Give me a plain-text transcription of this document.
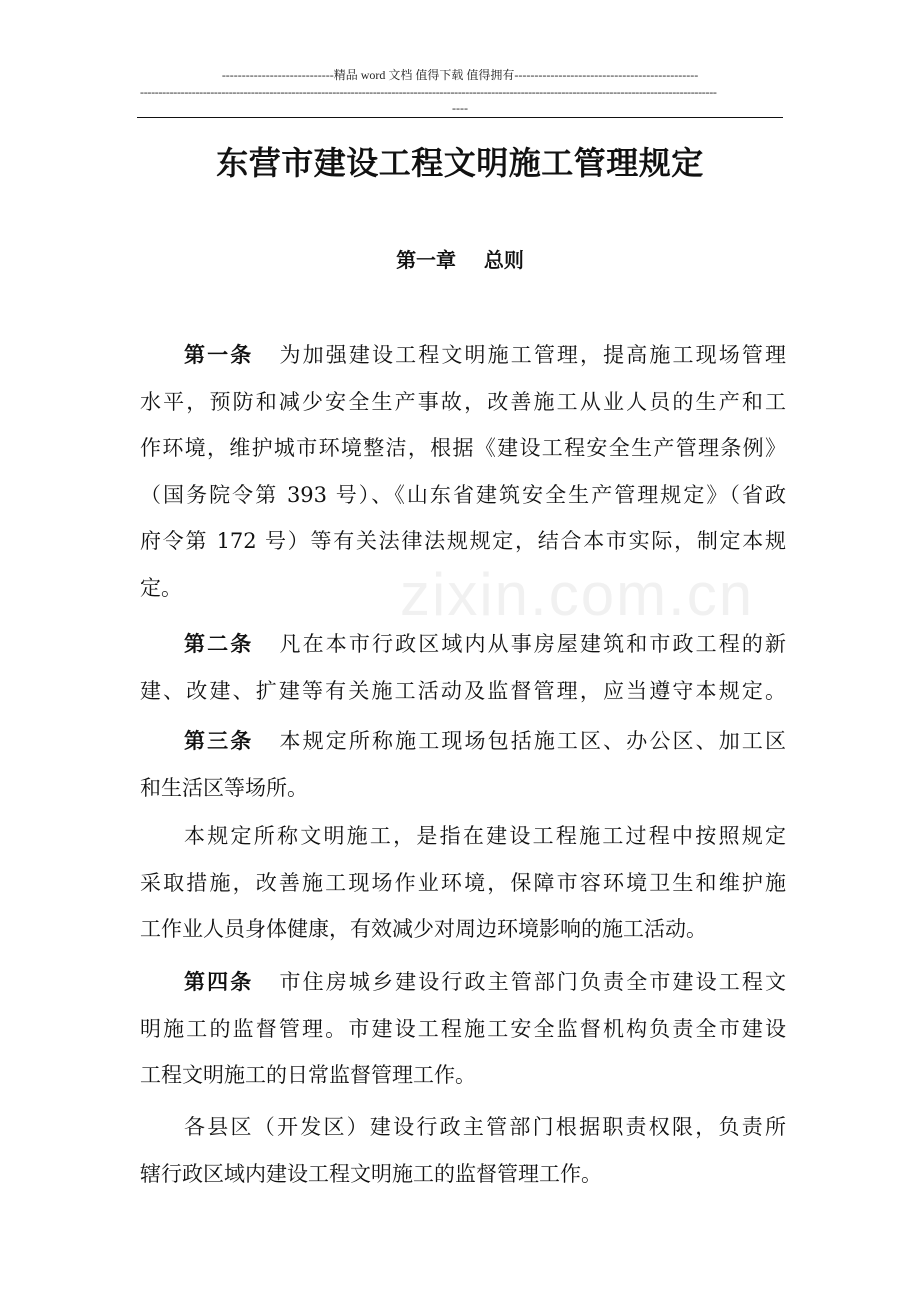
----------------------------精品 word 文档 值得下载 值得拥有----------------------------------------------
------------------------------------------------------------------------------------------------------------------------------------------------------------
----
zixin.com.cn
东营市建设工程文明施工管理规定
第一章    总则
第一条 为加强建设工程文明施工管理，提高施工现场管理
水平，预防和减少安全生产事故，改善施工从业人员的生产和工
作环境，维护城市环境整洁，根据《建设工程安全生产管理条例》
（国务院令第 393 号）、《山东省建筑安全生产管理规定》（省政
府令第 172 号）等有关法律法规规定，结合本市实际，制定本规
定。
第二条 凡在本市行政区域内从事房屋建筑和市政工程的新
建、改建、扩建等有关施工活动及监督管理，应当遵守本规定。
第三条 本规定所称施工现场包括施工区、办公区、加工区
和生活区等场所。
本规定所称文明施工，是指在建设工程施工过程中按照规定
采取措施，改善施工现场作业环境，保障市容环境卫生和维护施
工作业人员身体健康，有效减少对周边环境影响的施工活动。
第四条 市住房城乡建设行政主管部门负责全市建设工程文
明施工的监督管理。市建设工程施工安全监督机构负责全市建设
工程文明施工的日常监督管理工作。
各县区（开发区）建设行政主管部门根据职责权限，负责所
辖行政区域内建设工程文明施工的监督管理工作。
